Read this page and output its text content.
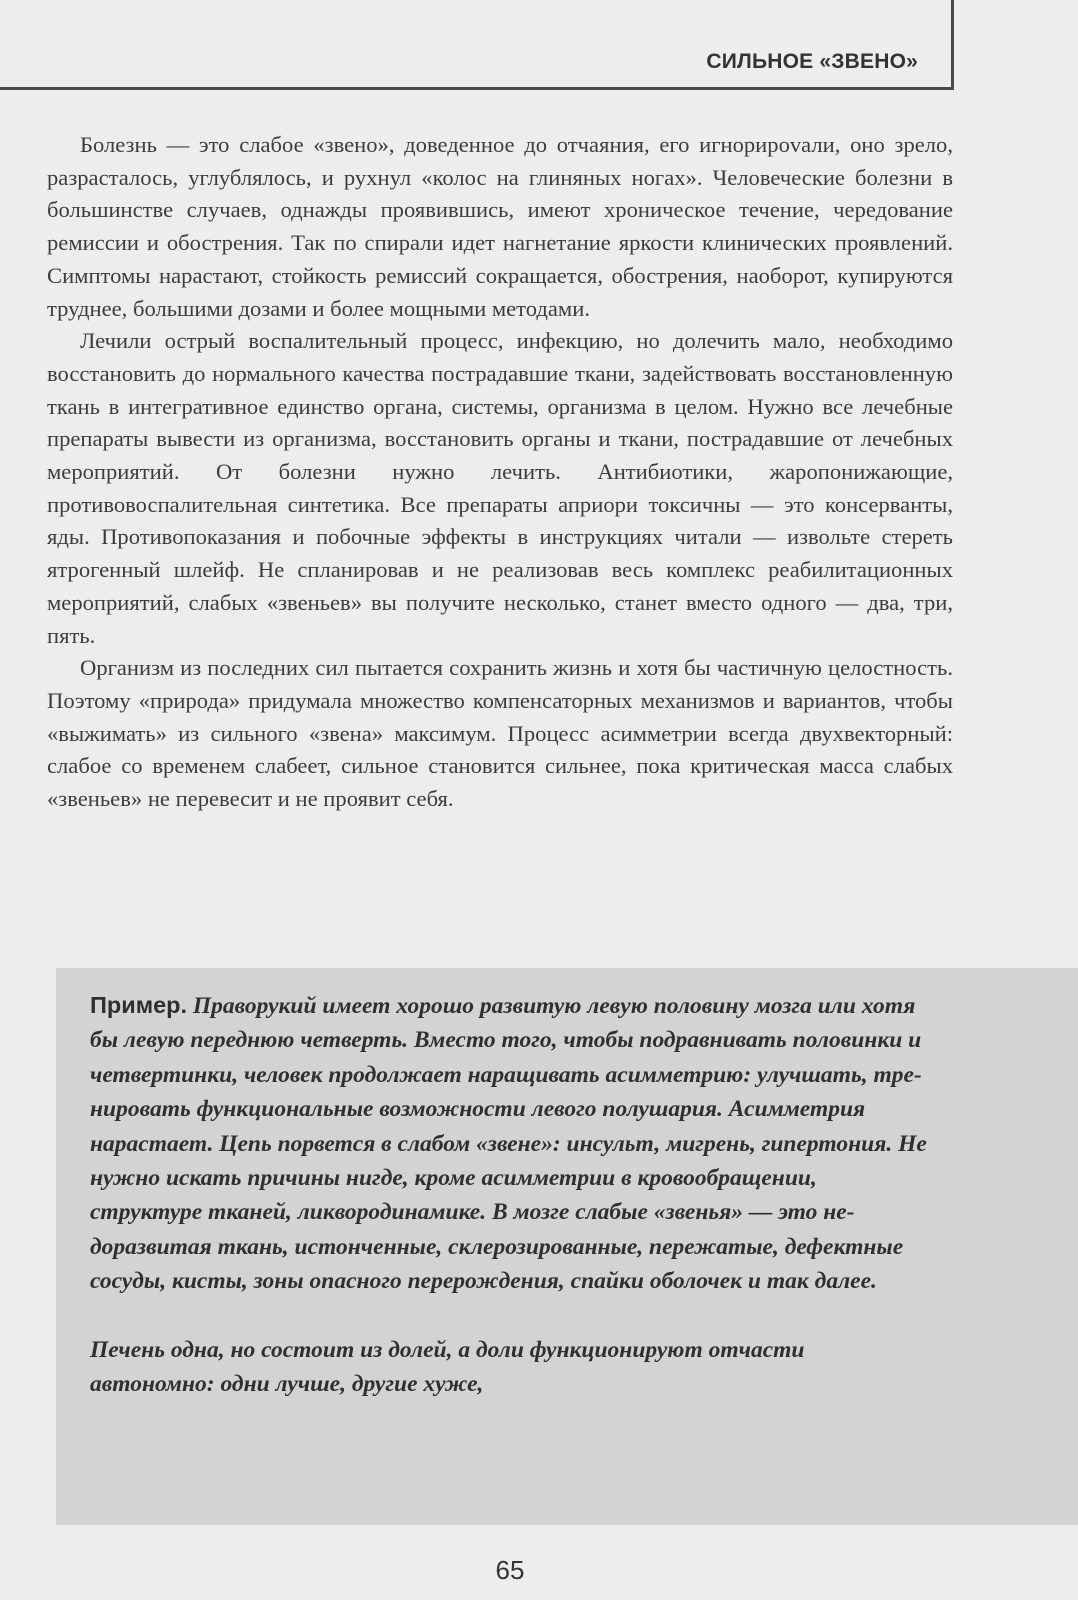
СИЛЬНОЕ «ЗВЕНО»

Болезнь — это слабое «звено», доведенное до отчаяния, его игнорироvали, оно зрело, разрасталось, углублялось, и рухнул «колос на глиняных ногах». Человеческие болезни в большинстве случаев, однажды проявившись, имеют хроническое течение, чередование ремиссии и обострения. Так по спирали идет нагнетание яркости клинических проявлений. Симптомы нарастают, стойкость ремиссий сокращается, обострения, наоборот, купируются труднее, большими дозами и более мощными методами.

Лечили острый воспалительный процесс, инфекцию, но долечить мало, необходимо восстановить до нормального качества пострадавшие ткани, задействовать восстановленную ткань в интегративное единство органа, системы, организма в целом. Нужно все лечебные препараты вывести из организма, восстановить органы и ткани, пострадавшие от лечебных мероприятий. От болезни нужно лечить. Антибиотики, жаропонижающие, противовоспалительная синтетика. Все препараты априори токсичны — это консерванты, яды. Противопоказания и побочные эффекты в инструкциях читали — извольте стереть ятрогенный шлейф. Не спланировав и не реализовав весь комплекс реабилитационных мероприятий, слабых «звеньев» вы получите несколько, станет вместо одного — два, три, пять.

Организм из последних сил пытается сохранить жизнь и хотя бы частичную целостность. Поэтому «природа» придумала множество компенсаторных механизмов и вариантов, чтобы «выжимать» из сильного «звена» максимум. Процесс асимметрии всегда двухвекторный: слабое со временем слабеет, сильное становится сильнее, пока критическая масса слабых «звеньев» не перевесит и не проявит себя.

Пример. Праворукий имеет хорошо развитую левую половину мозга или хотя бы левую переднюю четверть. Вместо того, чтобы подравнивать половинки и четвертинки, человек продолжает наращивать асимметрию: улучшать, тренировать функциональные возможности левого полушария. Асимметрия нарастает. Цепь порвется в слабом «звене»: инсульт, мигрень, гипертония. Не нужно искать причины нигде, кроме асимметрии в кровообращении, структуре тканей, ликвородинамике. В мозге слабые «звенья» — это недоразвитая ткань, истонченные, склерозированные, пережатые, дефектные сосуды, кисты, зоны опасного перерождения, спайки оболочек и так далее.

Печень одна, но состоит из долей, а доли функционируют отчасти автономно: одни лучше, другие хуже,

65
